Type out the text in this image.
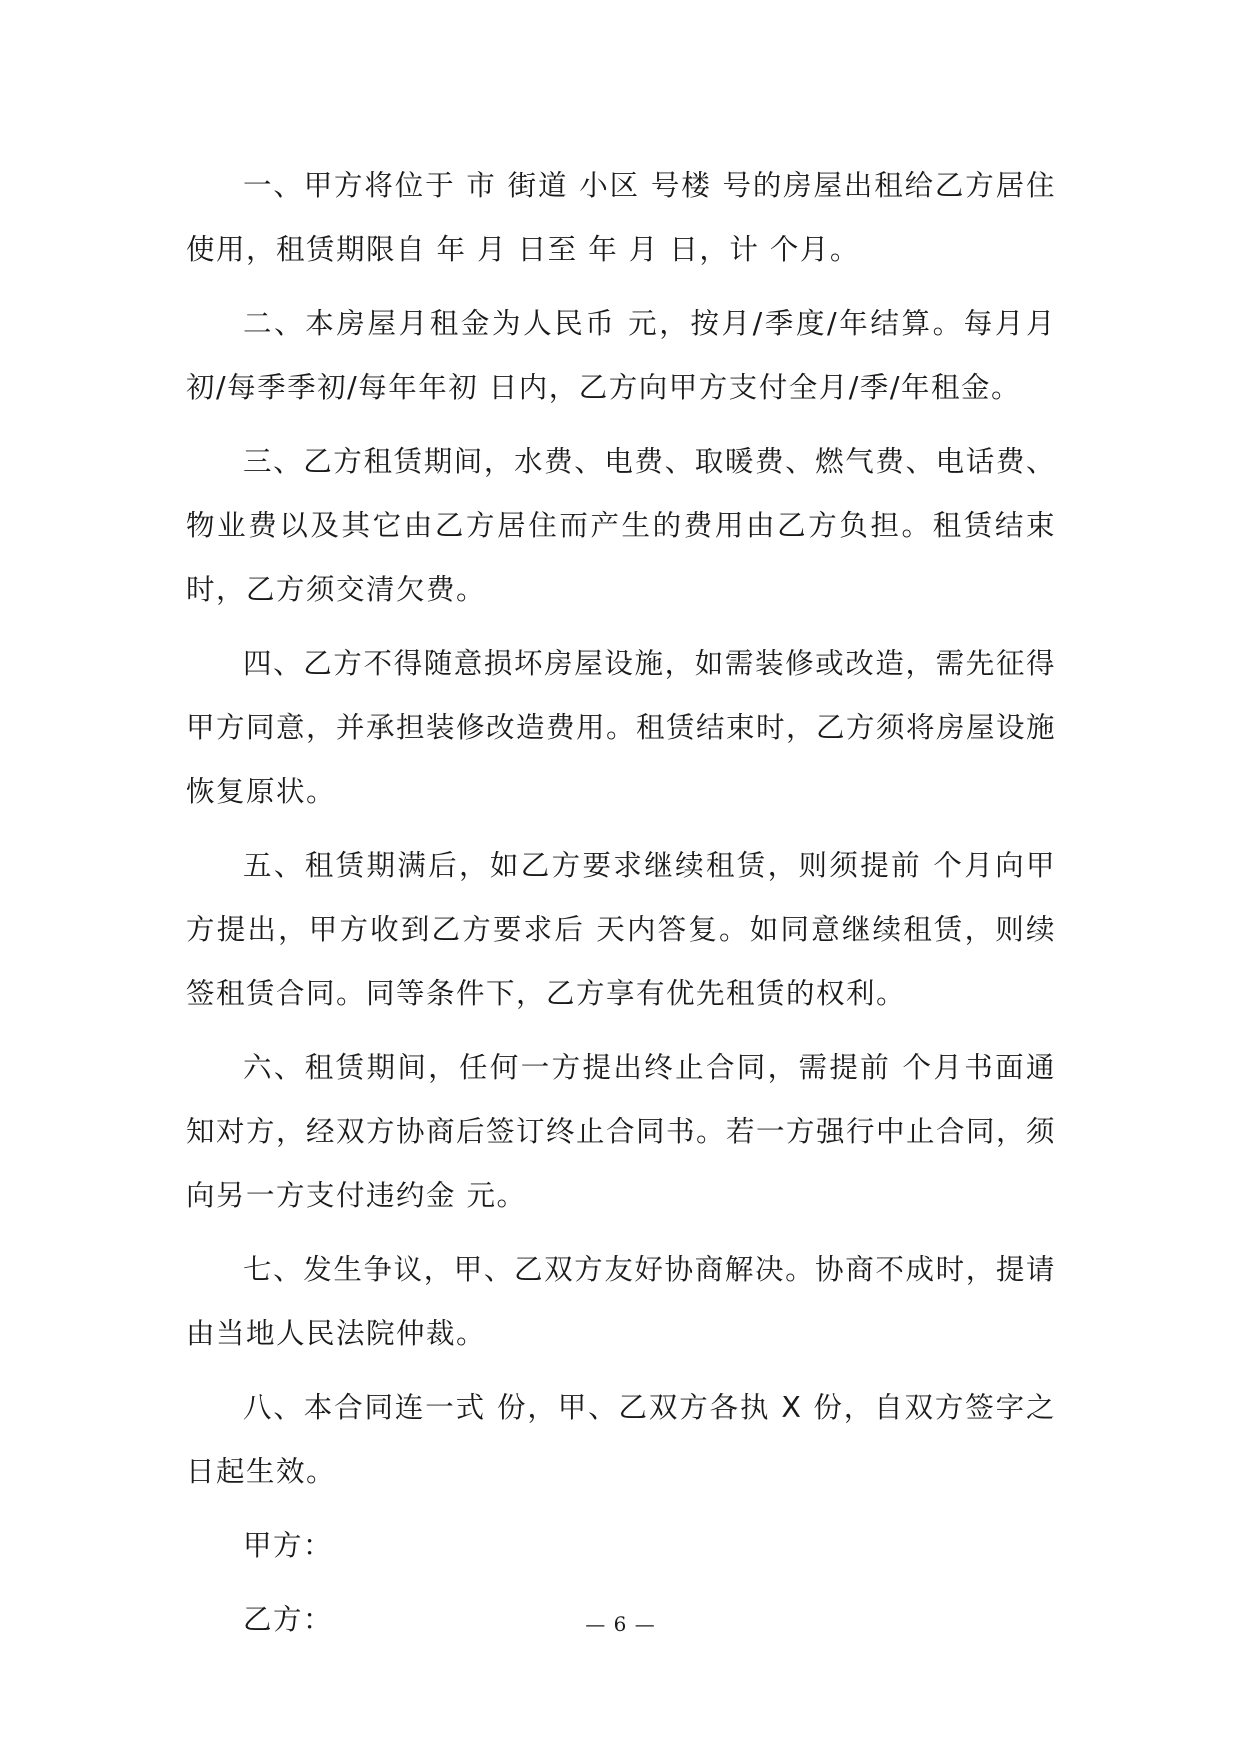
一、甲方将位于 市 街道 小区 号楼 号的房屋出租给乙方居住使用，租赁期限自 年 月 日至 年 月 日，计 个月。

二、本房屋月租金为人民币 元，按月/季度/年结算。每月月初/每季季初/每年年初 日内，乙方向甲方支付全月/季/年租金。

三、乙方租赁期间，水费、电费、取暖费、燃气费、电话费、物业费以及其它由乙方居住而产生的费用由乙方负担。租赁结束时，乙方须交清欠费。

四、乙方不得随意损坏房屋设施，如需装修或改造，需先征得甲方同意，并承担装修改造费用。租赁结束时，乙方须将房屋设施恢复原状。

五、租赁期满后，如乙方要求继续租赁，则须提前 个月向甲方提出，甲方收到乙方要求后 天内答复。如同意继续租赁，则续签租赁合同。同等条件下，乙方享有优先租赁的权利。

六、租赁期间，任何一方提出终止合同，需提前 个月书面通知对方，经双方协商后签订终止合同书。若一方强行中止合同，须向另一方支付违约金 元。

七、发生争议，甲、乙双方友好协商解决。协商不成时，提请由当地人民法院仲裁。

八、本合同连一式 份，甲、乙双方各执 X 份，自双方签字之日起生效。

甲方：

乙方：	— 6 —
